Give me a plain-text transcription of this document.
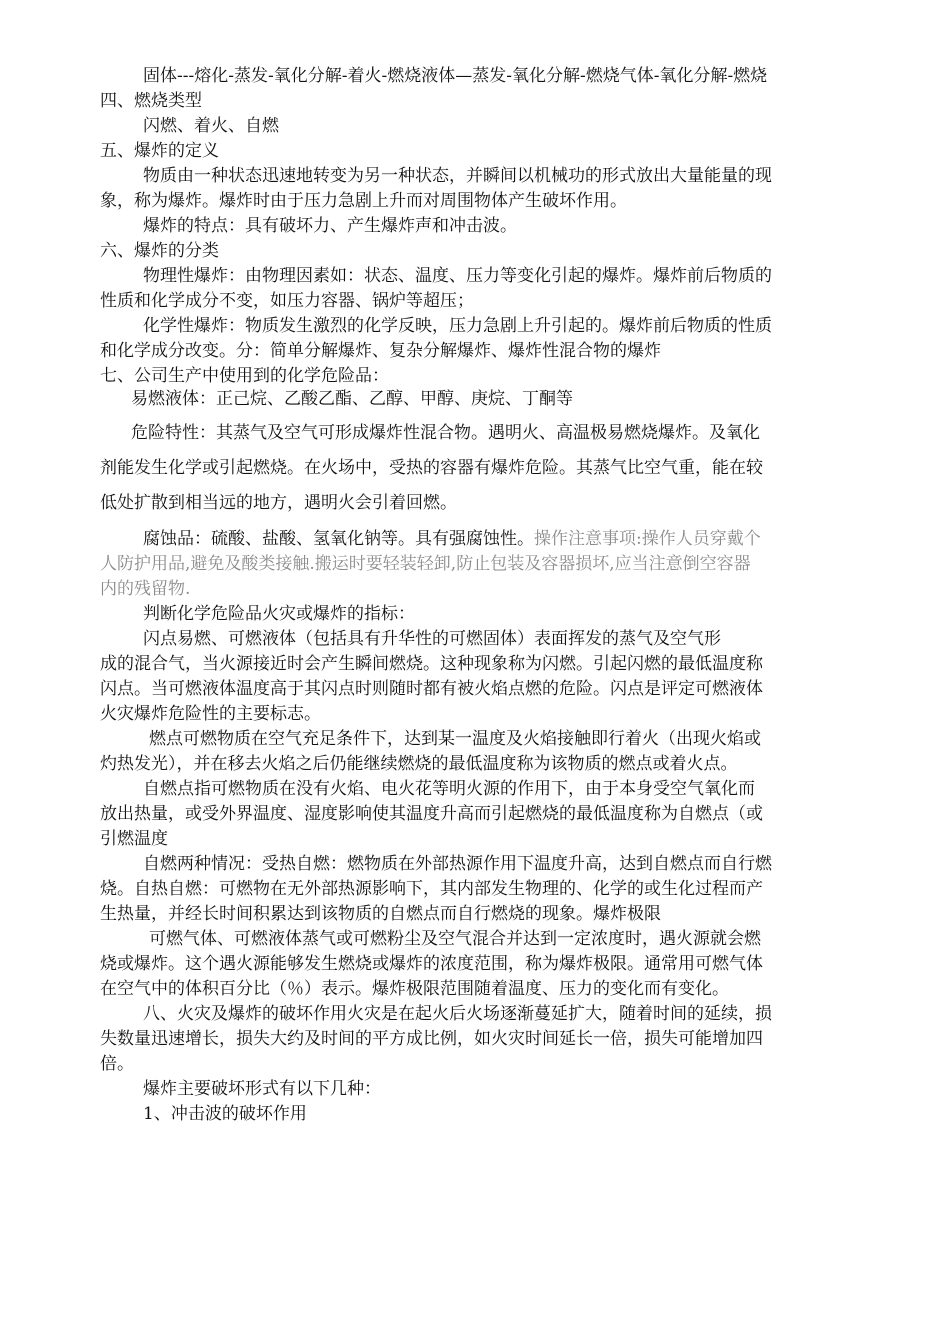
固体---熔化-蒸发-氧化分解-着火-燃烧液体—蒸发-氧化分解-燃烧气体-氧化分解-燃烧
四、燃烧类型
闪燃、着火、自燃
五、爆炸的定义
物质由一种状态迅速地转变为另一种状态，并瞬间以机械功的形式放出大量能量的现
象，称为爆炸。爆炸时由于压力急剧上升而对周围物体产生破坏作用。
爆炸的特点：具有破坏力、产生爆炸声和冲击波。
六、爆炸的分类
物理性爆炸：由物理因素如：状态、温度、压力等变化引起的爆炸。爆炸前后物质的
性质和化学成分不变，如压力容器、锅炉等超压；
化学性爆炸：物质发生激烈的化学反映，压力急剧上升引起的。爆炸前后物质的性质
和化学成分改变。分：简单分解爆炸、复杂分解爆炸、爆炸性混合物的爆炸
七、公司生产中使用到的化学危险品：
易燃液体：正己烷、乙酸乙酯、乙醇、甲醇、庚烷、丁酮等
危险特性：其蒸气及空气可形成爆炸性混合物。遇明火、高温极易燃烧爆炸。及氧化
剂能发生化学或引起燃烧。在火场中，受热的容器有爆炸危险。其蒸气比空气重，能在较
低处扩散到相当远的地方，遇明火会引着回燃。
腐蚀品：硫酸、盐酸、氢氧化钠等。具有强腐蚀性。操作注意事项:操作人员穿戴个
人防护用品,避免及酸类接触.搬运时要轻装轻卸,防止包装及容器损坏,应当注意倒空容器
内的残留物.
判断化学危险品火灾或爆炸的指标：
闪点易燃、可燃液体（包括具有升华性的可燃固体）表面挥发的蒸气及空气形
成的混合气，当火源接近时会产生瞬间燃烧。这种现象称为闪燃。引起闪燃的最低温度称
闪点。当可燃液体温度高于其闪点时则随时都有被火焰点燃的危险。闪点是评定可燃液体
火灾爆炸危险性的主要标志。
燃点可燃物质在空气充足条件下，达到某一温度及火焰接触即行着火（出现火焰或
灼热发光），并在移去火焰之后仍能继续燃烧的最低温度称为该物质的燃点或着火点。
自燃点指可燃物质在没有火焰、电火花等明火源的作用下，由于本身受空气氧化而
放出热量，或受外界温度、湿度影响使其温度升高而引起燃烧的最低温度称为自燃点（或
引燃温度
自燃两种情况：受热自燃：燃物质在外部热源作用下温度升高，达到自燃点而自行燃
烧。自热自燃：可燃物在无外部热源影响下，其内部发生物理的、化学的或生化过程而产
生热量，并经长时间积累达到该物质的自燃点而自行燃烧的现象。爆炸极限
可燃气体、可燃液体蒸气或可燃粉尘及空气混合并达到一定浓度时，遇火源就会燃
烧或爆炸。这个遇火源能够发生燃烧或爆炸的浓度范围，称为爆炸极限。通常用可燃气体
在空气中的体积百分比（％）表示。爆炸极限范围随着温度、压力的变化而有变化。
八、火灾及爆炸的破坏作用火灾是在起火后火场逐渐蔓延扩大，随着时间的延续，损
失数量迅速增长，损失大约及时间的平方成比例，如火灾时间延长一倍，损失可能增加四
倍。
爆炸主要破坏形式有以下几种：
1、冲击波的破坏作用
